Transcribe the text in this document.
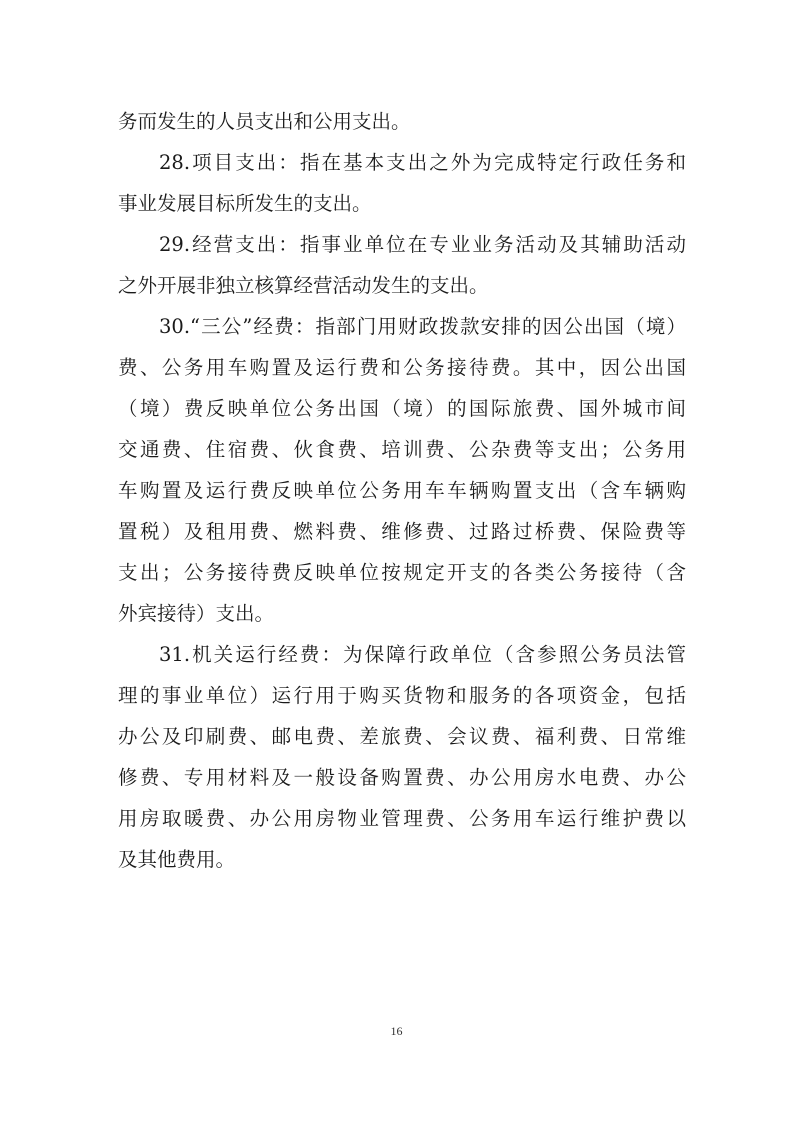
务而发生的人员支出和公用支出。
28.项目支出：指在基本支出之外为完成特定行政任务和
事业发展目标所发生的支出。
29.经营支出：指事业单位在专业业务活动及其辅助活动
之外开展非独立核算经营活动发生的支出。
30.“三公”经费：指部门用财政拨款安排的因公出国（境）
费、公务用车购置及运行费和公务接待费。其中，因公出国
（境）费反映单位公务出国（境）的国际旅费、国外城市间
交通费、住宿费、伙食费、培训费、公杂费等支出；公务用
车购置及运行费反映单位公务用车车辆购置支出（含车辆购
置税）及租用费、燃料费、维修费、过路过桥费、保险费等
支出；公务接待费反映单位按规定开支的各类公务接待（含
外宾接待）支出。
31.机关运行经费：为保障行政单位（含参照公务员法管
理的事业单位）运行用于购买货物和服务的各项资金，包括
办公及印刷费、邮电费、差旅费、会议费、福利费、日常维
修费、专用材料及一般设备购置费、办公用房水电费、办公
用房取暖费、办公用房物业管理费、公务用车运行维护费以
及其他费用。
16
